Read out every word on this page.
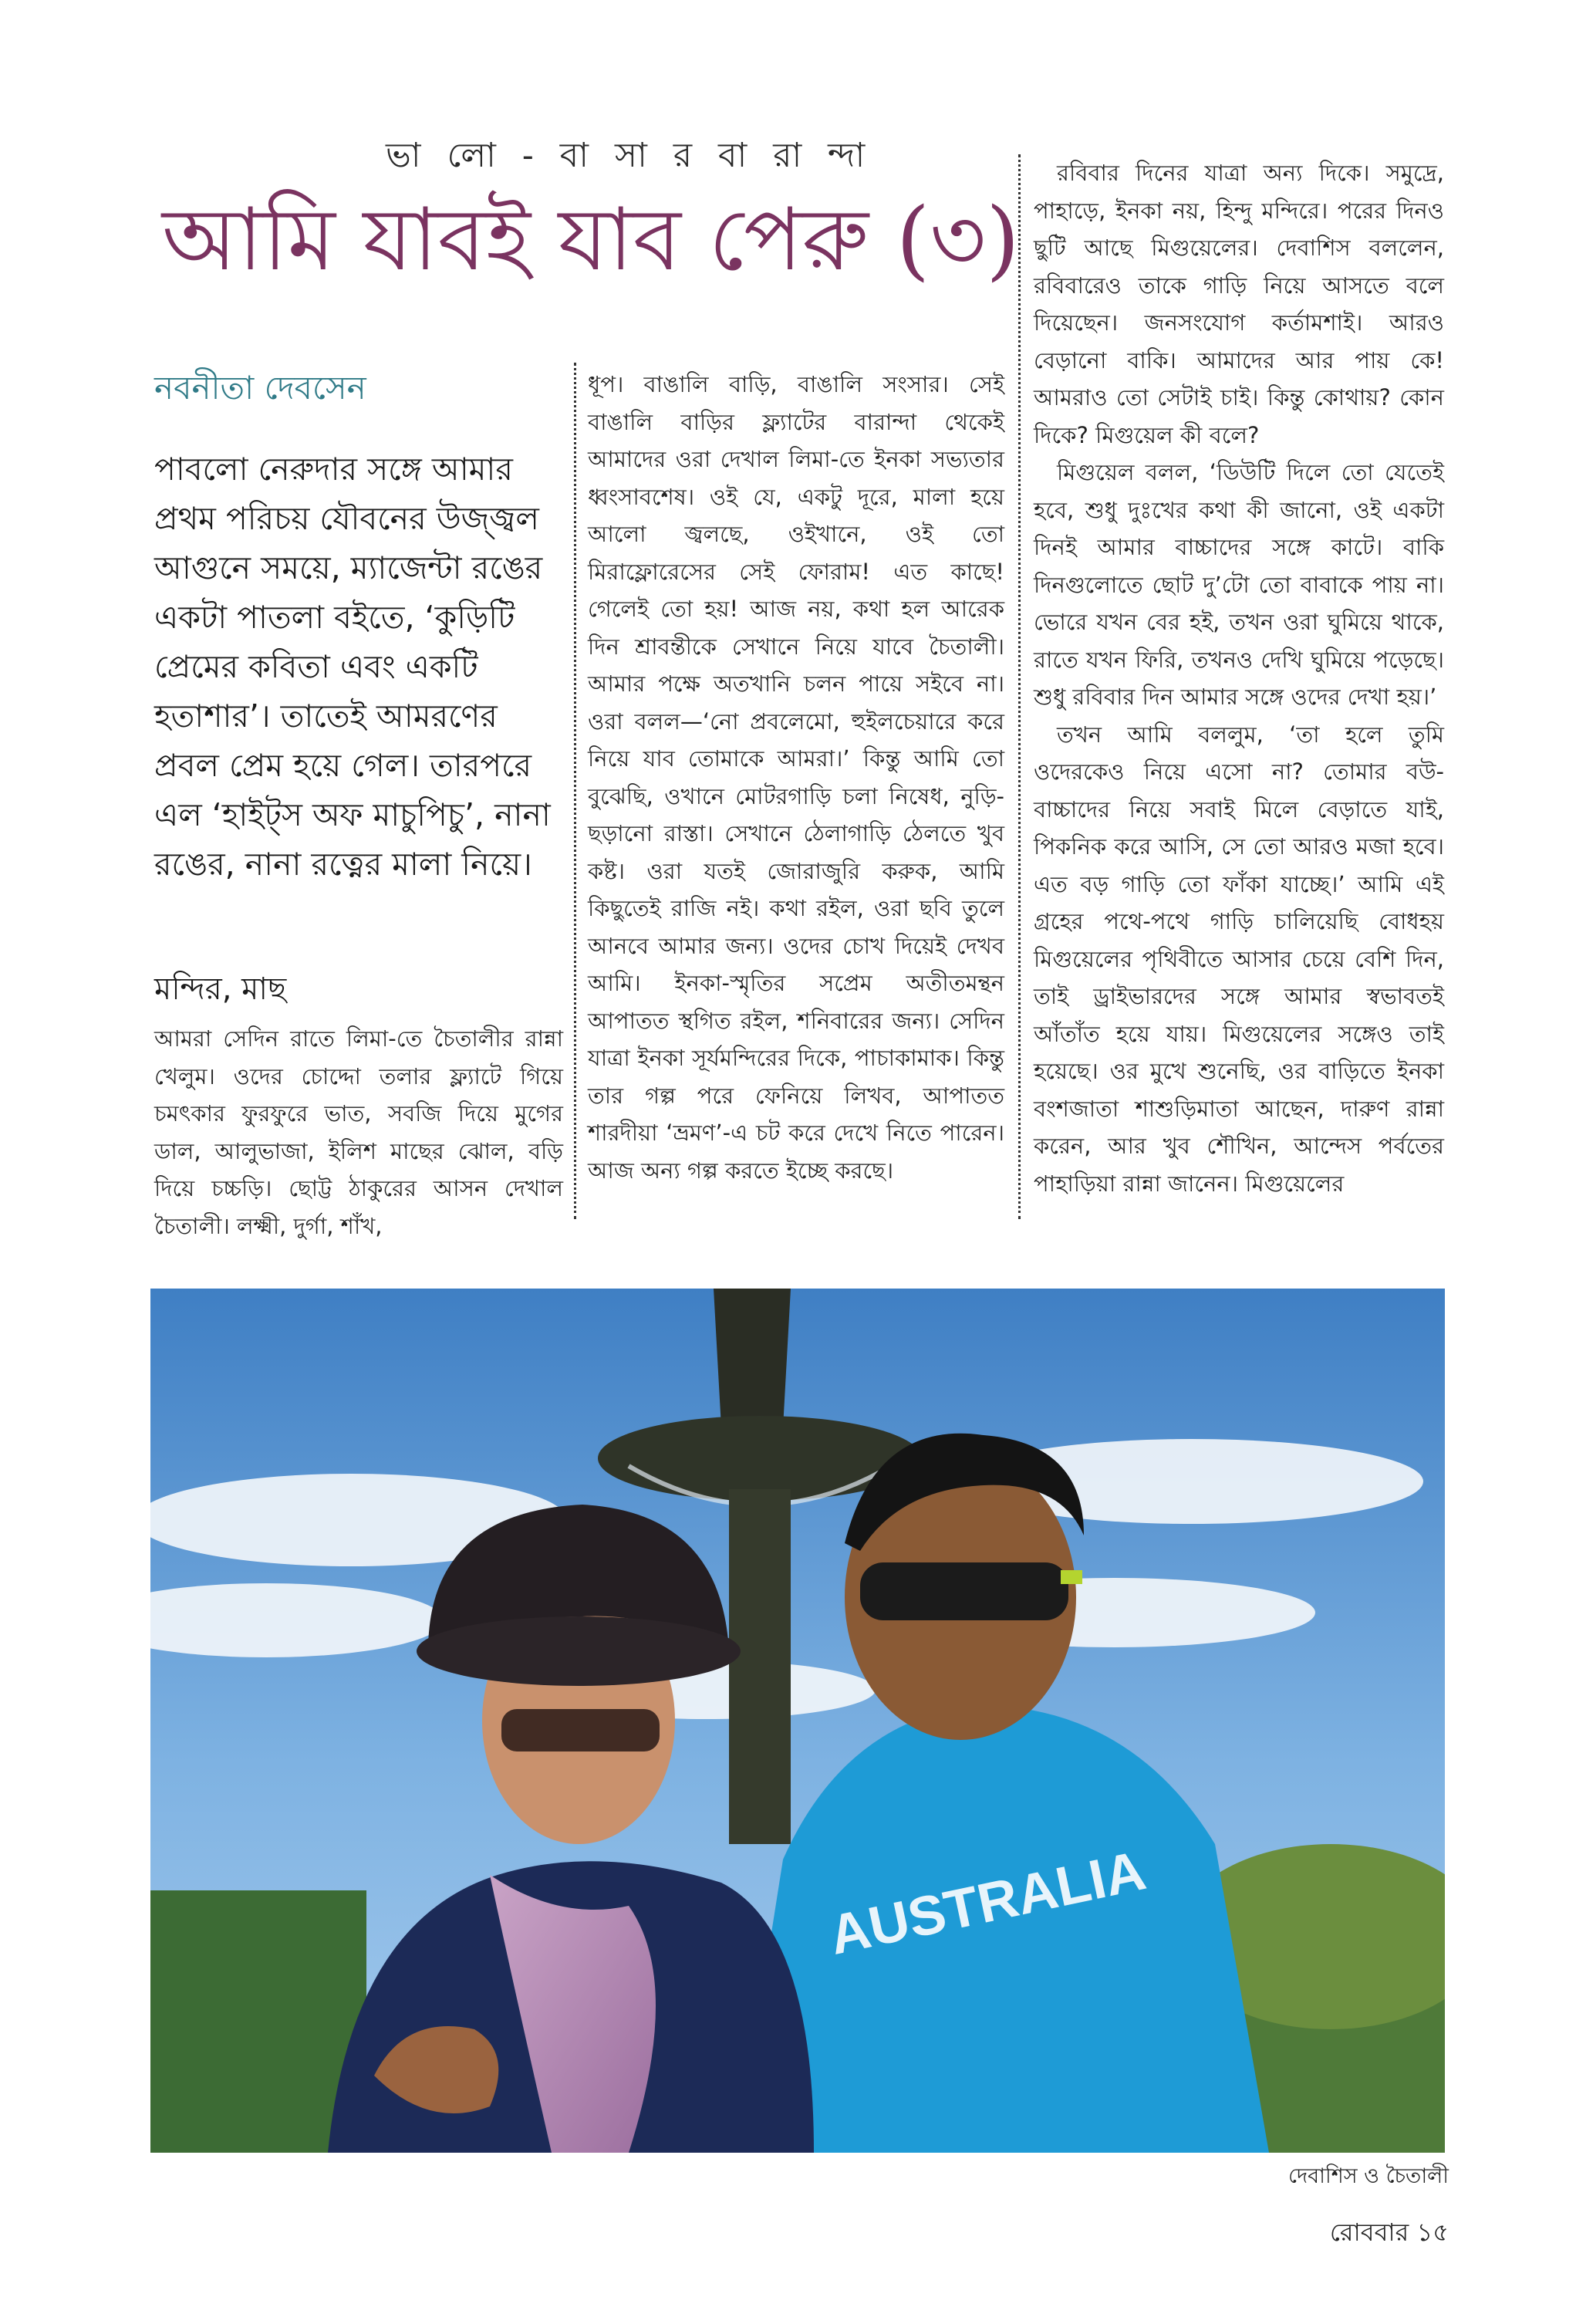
ভা লো - বা সা র বা রা ন্দা
আমি যাবই যাব পেরু (৩)
নবনীতা দেবসেন
পাবলো নেরুদার সঙ্গে আমার প্রথম পরিচয় যৌবনের উজ্জ্বল আগুনে সময়ে, ম্যাজেন্টা রঙের একটা পাতলা বইতে, ‘কুড়িটি প্রেমের কবিতা এবং একটি হতাশার’। তাতেই আমরণের প্রবল প্রেম হয়ে গেল। তারপরে এল ‘হাইট্স অফ মাচুপিচু’, নানা রঙের, নানা রত্নের মালা নিয়ে।
মন্দির, মাছ

আমরা সেদিন রাতে লিমা-তে চৈতালীর রান্না খেলুম। ওদের চোদ্দো তলার ফ্ল্যাটে গিয়ে চমৎকার ফুরফুরে ভাত, সবজি দিয়ে মুগের ডাল, আলুভাজা, ইলিশ মাছের ঝোল, বড়ি দিয়ে চচ্চড়ি। ছোট্ট ঠাকুরের আসন দেখাল চৈতালী। লক্ষ্মী, দুর্গা, শাঁখ,

ধূপ। বাঙালি বাড়ি, বাঙালি সংসার। সেই বাঙালি বাড়ির ফ্ল্যাটের বারান্দা থেকেই আমাদের ওরা দেখাল লিমা-তে ইনকা সভ্যতার ধ্বংসাবশেষ। ওই যে, একটু দূরে, মালা হয়ে আলো জ্বলছে, ওইখানে, ওই তো মিরাফ্লোরেসের সেই ফোরাম! এত কাছে! গেলেই তো হয়! আজ নয়, কথা হল আরেক দিন শ্রাবন্তীকে সেখানে নিয়ে যাবে চৈতালী। আমার পক্ষে অতখানি চলন পায়ে সইবে না। ওরা বলল—‘নো প্রবলেমো, হুইলচেয়ারে করে নিয়ে যাব তোমাকে আমরা।’ কিন্তু আমি তো বুঝেছি, ওখানে মোটরগাড়ি চলা নিষেধ, নুড়ি-ছড়ানো রাস্তা। সেখানে ঠেলাগাড়ি ঠেলতে খুব কষ্ট। ওরা যতই জোরাজুরি করুক, আমি কিছুতেই রাজি নই। কথা রইল, ওরা ছবি তুলে আনবে আমার জন্য। ওদের চোখ দিয়েই দেখব আমি। ইনকা-স্মৃতির সপ্রেম অতীতমন্থন আপাতত স্থগিত রইল, শনিবারের জন্য। সেদিন যাত্রা ইনকা সূর্যমন্দিরের দিকে, পাচাকামাক। কিন্তু তার গল্প পরে ফেনিয়ে লিখব, আপাতত শারদীয়া ‘ভ্রমণ’-এ চট করে দেখে নিতে পারেন। আজ অন্য গল্প করতে ইচ্ছে করছে।

রবিবার দিনের যাত্রা অন্য দিকে। সমুদ্রে, পাহাড়ে, ইনকা নয়, হিন্দু মন্দিরে। পরের দিনও ছুটি আছে মিগুয়েলের। দেবাশিস বললেন, রবিবারেও তাকে গাড়ি নিয়ে আসতে বলে দিয়েছেন। জনসংযোগ কর্তামশাই। আরও বেড়ানো বাকি। আমাদের আর পায় কে! আমরাও তো সেটাই চাই। কিন্তু কোথায়? কোন দিকে? মিগুয়েল কী বলে?

মিগুয়েল বলল, ‘ডিউটি দিলে তো যেতেই হবে, শুধু দুঃখের কথা কী জানো, ওই একটা দিনই আমার বাচ্চাদের সঙ্গে কাটে। বাকি দিনগুলোতে ছোট দু’টো তো বাবাকে পায় না। ভোরে যখন বের হই, তখন ওরা ঘুমিয়ে থাকে, রাতে যখন ফিরি, তখনও দেখি ঘুমিয়ে পড়েছে। শুধু রবিবার দিন আমার সঙ্গে ওদের দেখা হয়।’

তখন আমি বললুম, ‘তা হলে তুমি ওদেরকেও নিয়ে এসো না? তোমার বউ-বাচ্চাদের নিয়ে সবাই মিলে বেড়াতে যাই, পিকনিক করে আসি, সে তো আরও মজা হবে। এত বড় গাড়ি তো ফাঁকা যাচ্ছে।’ আমি এই গ্রহের পথে-পথে গাড়ি চালিয়েছি বোধহয় মিগুয়েলের পৃথিবীতে আসার চেয়ে বেশি দিন, তাই ড্রাইভারদের সঙ্গে আমার স্বভাবতই আঁতাঁত হয়ে যায়। মিগুয়েলের সঙ্গেও তাই হয়েছে। ওর মুখে শুনেছি, ওর বাড়িতে ইনকা বংশজাতা শাশুড়িমাতা আছেন, দারুণ রান্না করেন, আর খুব শৌখিন, আন্দেস পর্বতের পাহাড়িয়া রান্না জানেন। মিগুয়েলের

AUSTRALIA
দেবাশিস ও চৈতালী
রোববার ১৫
